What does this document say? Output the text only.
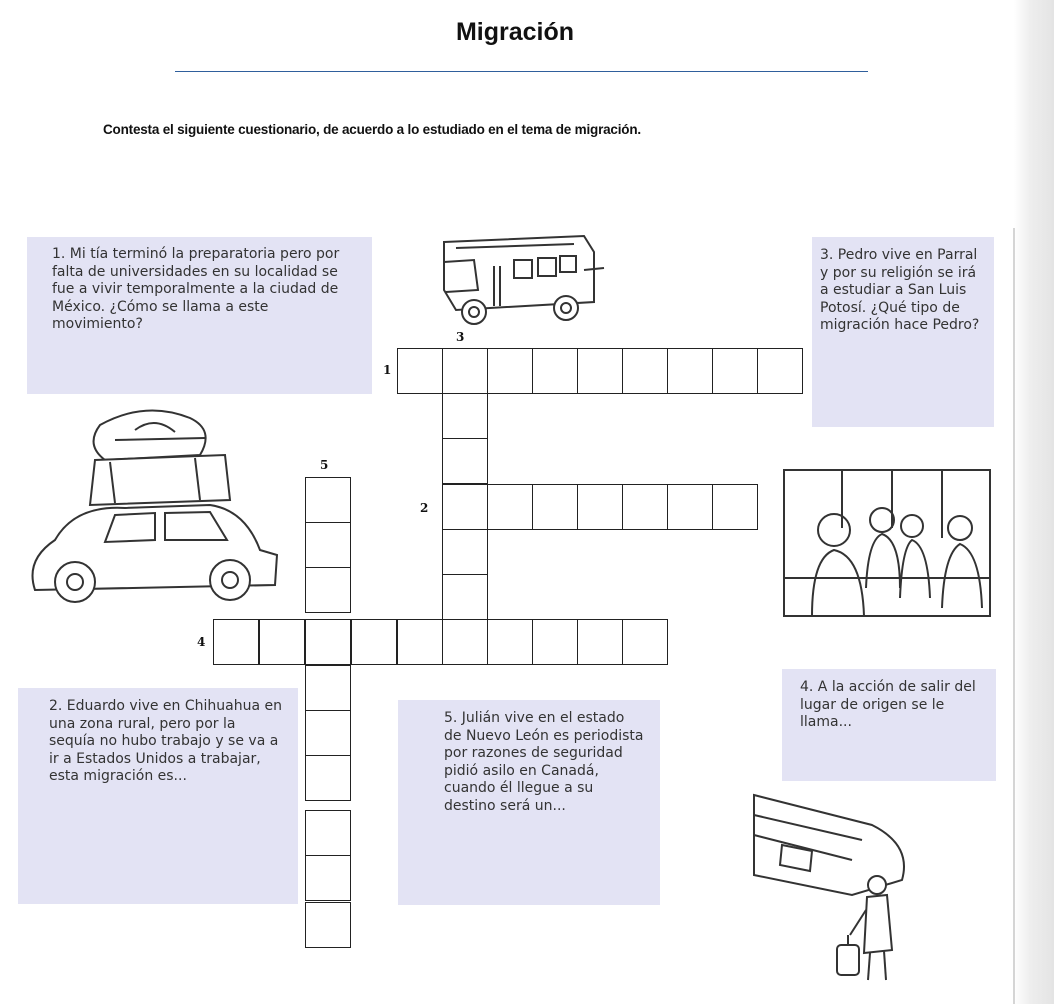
Migración
Contesta el siguiente cuestionario, de acuerdo a lo estudiado en el tema de migración.
1. Mi tía terminó la preparatoria pero por falta de universidades en su localidad se fue a vivir temporalmente a la ciudad de México. ¿Cómo se llama a este movimiento?
3. Pedro vive en Parral y por su religión se irá a estudiar a San Luis Potosí. ¿Qué tipo de migración hace Pedro?
2. Eduardo vive en Chihuahua en una zona rural, pero por la sequía no hubo trabajo y se va a ir a Estados Unidos a trabajar, esta migración es...
5. Julián vive en el estado de Nuevo León es periodista por razones de seguridad pidió asilo en Canadá, cuando él llegue a su destino será un...
4. A la acción de salir del lugar de origen se le llama...
1
2
3
4
5
